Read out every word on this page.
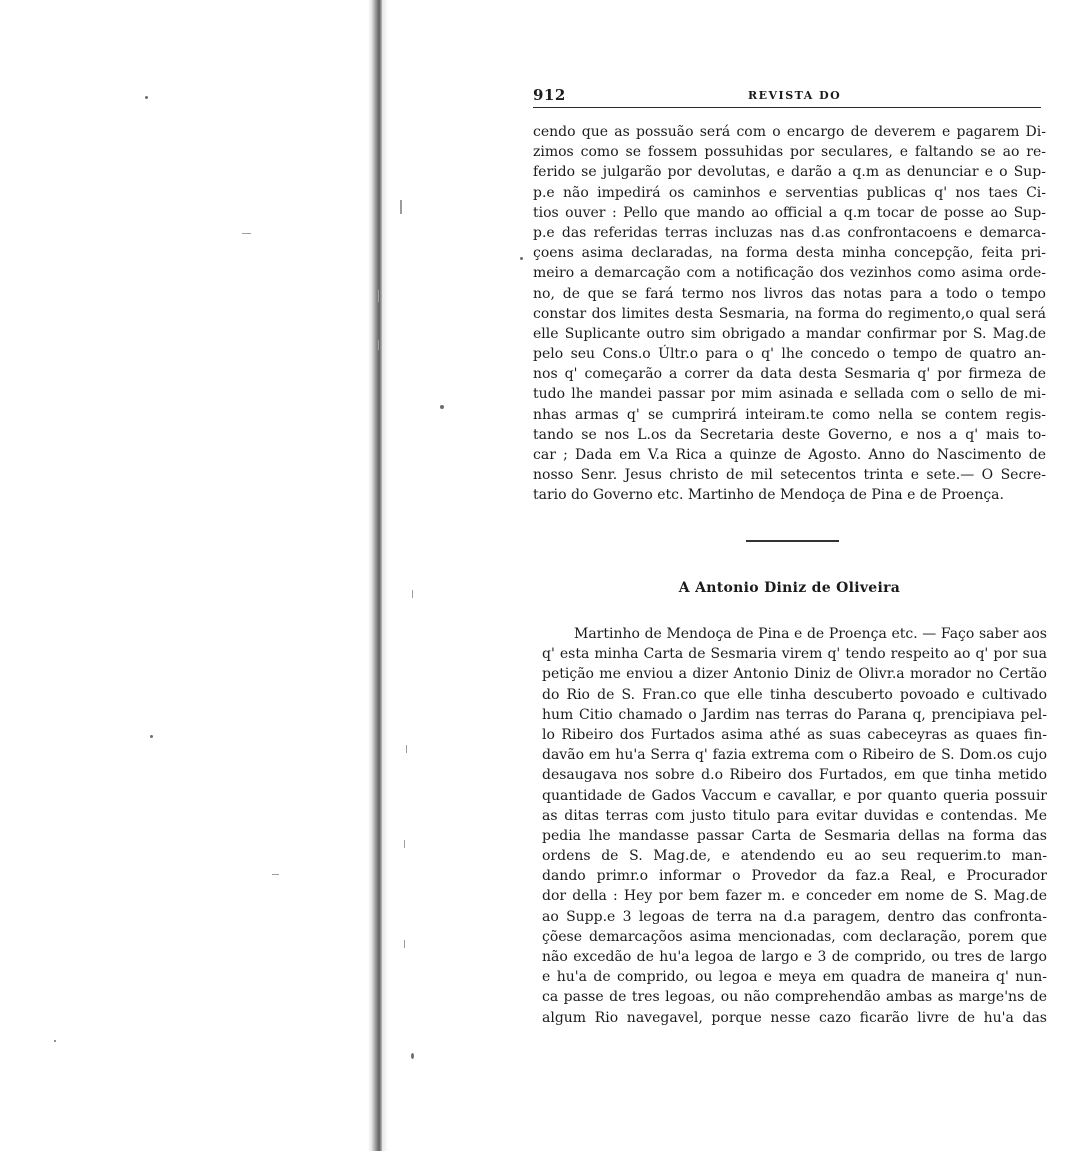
912	REVISTA DO
cendo que as possuão será com o encargo de deverem e pagarem Di-
zimos como se fossem possuhidas por seculares, e faltando se ao re-
ferido se julgarão por devolutas, e darão a q.m as denunciar e o Sup-
p.e não impedirá os caminhos e serventias publicas q' nos taes Ci-
tios ouver : Pello que mando ao official a q.m tocar de posse ao Sup-
p.e das referidas terras incluzas nas d.as confrontacoens e demarca-
çoens asima declaradas, na forma desta minha concepção, feita pri-
meiro a demarcação com a notificação dos vezinhos como asima orde-
no, de que se fará termo nos livros das notas para a todo o tempo
constar dos limites desta Sesmaria, na forma do regimento,o qual será
elle Suplicante outro sim obrigado a mandar confirmar por S. Mag.de
pelo seu Cons.o Últr.o para o q' lhe concedo o tempo de quatro an-
nos q' começarão a correr da data desta Sesmaria q' por firmeza de
tudo lhe mandei passar por mim asinada e sellada com o sello de mi-
nhas armas q' se cumprirá inteiram.te como nella se contem regis-
tando se nos L.os da Secretaria deste Governo, e nos a q' mais to-
car ; Dada em V.a Rica a quinze de Agosto. Anno do Nascimento de
nosso Senr. Jesus christo de mil setecentos trinta e sete.— O Secre-
tario do Governo etc. Martinho de Mendoça de Pina e de Proença.
A Antonio Diniz de Oliveira
Martinho de Mendoça de Pina e de Proença etc. — Faço saber aos
q' esta minha Carta de Sesmaria virem q' tendo respeito ao q' por sua
petição me enviou a dizer Antonio Diniz de Olivr.a morador no Certão
do Rio de S. Fran.co que elle tinha descuberto povoado e cultivado
hum Citio chamado o Jardim nas terras do Parana q, prencipiava pel-
lo Ribeiro dos Furtados asima athé as suas cabeceyras as quaes fin-
davão em hu'a Serra q' fazia extrema com o Ribeiro de S. Dom.os cujo
desaugava nos sobre d.o Ribeiro dos Furtados, em que tinha metido
quantidade de Gados Vaccum e cavallar, e por quanto queria possuir
as ditas terras com justo titulo para evitar duvidas e contendas. Me
pedia lhe mandasse passar Carta de Sesmaria dellas na forma das
ordens de S. Mag.de, e atendendo eu ao seu requerim.to man-
dando primr.o informar o Provedor da faz.a Real, e Procurador
dor della : Hey por bem fazer m. e conceder em nome de S. Mag.de
ao Supp.e 3 legoas de terra na d.a paragem, dentro das confronta-
çõese demarcaçõos asima mencionadas, com declaração, porem que
não excedão de hu'a legoa de largo e 3 de comprido, ou tres de largo
e hu'a de comprido, ou legoa e meya em quadra de maneira q' nun-
ca passe de tres legoas, ou não comprehendão ambas as marge'ns de
algum Rio navegavel, porque nesse cazo ficarão livre de hu'a das
